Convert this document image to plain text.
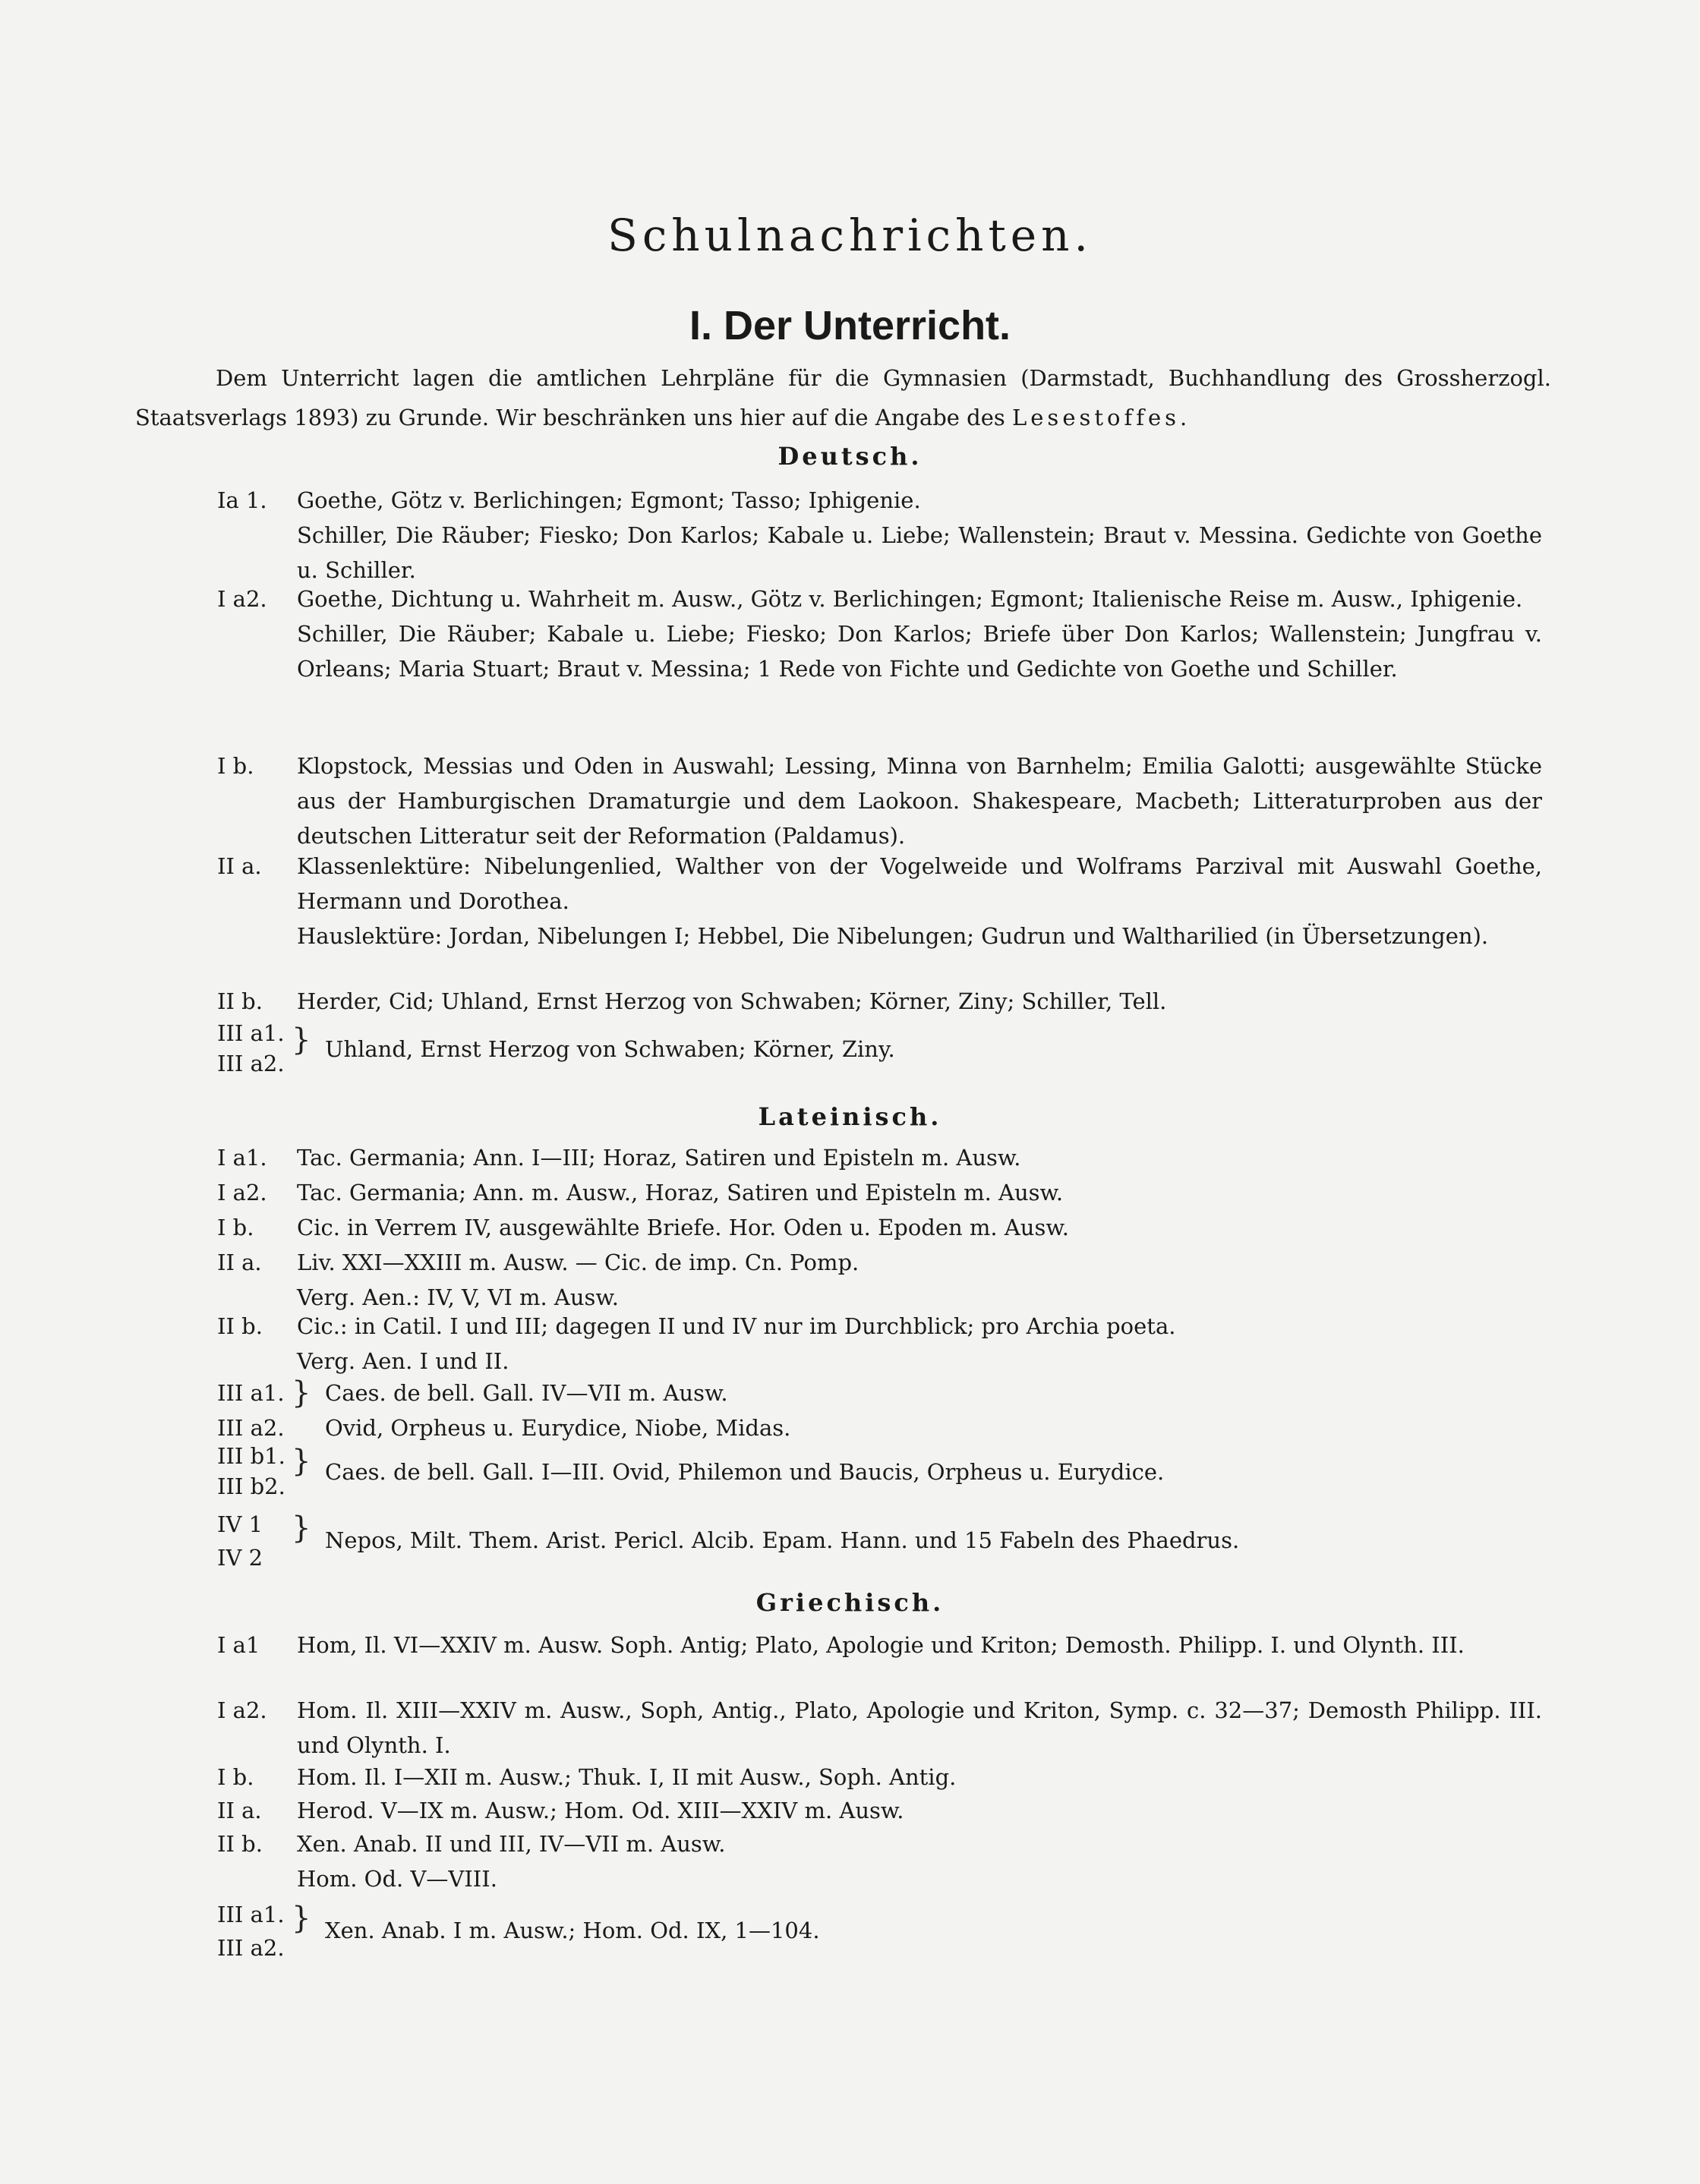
Schulnachrichten.
I. Der Unterricht.
Dem Unterricht lagen die amtlichen Lehrpläne für die Gymnasien (Darmstadt, Buchhandlung des Grossherzogl. Staatsverlags 1893) zu Grunde. Wir beschränken uns hier auf die Angabe des Lesestoffes.
Deutsch.
Ia 1. Goethe, Götz v. Berlichingen; Egmont; Tasso; Iphigenie.
Schiller, Die Räuber; Fiesko; Don Karlos; Kabale u. Liebe; Wallenstein; Braut v. Messina. Gedichte von Goethe u. Schiller.
I a2. Goethe, Dichtung u. Wahrheit m. Ausw., Götz v. Berlichingen; Egmont; Italienische Reise m. Ausw., Iphigenie.
Schiller, Die Räuber; Kabale u. Liebe; Fiesko; Don Karlos; Briefe über Don Karlos; Wallenstein; Jungfrau v. Orleans; Maria Stuart; Braut v. Messina; 1 Rede von Fichte und Gedichte von Goethe und Schiller.
I b. Klopstock, Messias und Oden in Auswahl; Lessing, Minna von Barnhelm; Emilia Galotti; ausgewählte Stücke aus der Hamburgischen Dramaturgie und dem Laokoon. Shakespeare, Macbeth; Litteraturproben aus der deutschen Litteratur seit der Reformation (Paldamus).
II a. Klassenlektüre: Nibelungenlied, Walther von der Vogelweide und Wolframs Parzival mit Auswahl Goethe, Hermann und Dorothea.
Hauslektüre: Jordan, Nibelungen I; Hebbel, Die Nibelungen; Gudrun und Waltharilied (in Übersetzungen).
II b. Herder, Cid; Uhland, Ernst Herzog von Schwaben; Körner, Ziny; Schiller, Tell.
III a1.
III a2.
} Uhland, Ernst Herzog von Schwaben; Körner, Ziny.
Lateinisch.
I a1. Tac. Germania; Ann. I—III; Horaz, Satiren und Episteln m. Ausw.
I a2. Tac. Germania; Ann. m. Ausw., Horaz, Satiren und Episteln m. Ausw.
I b. Cic. in Verrem IV, ausgewählte Briefe. Hor. Oden u. Epoden m. Ausw.
II a. Liv. XXI—XXIII m. Ausw. — Cic. de imp. Cn. Pomp.
Verg. Aen.: IV, V, VI m. Ausw.
II b. Cic.: in Catil. I und III; dagegen II und IV nur im Durchblick; pro Archia poeta.
Verg. Aen. I und II.
III a1.
III a2.
} Caes. de bell. Gall. IV—VII m. Ausw.
Ovid, Orpheus u. Eurydice, Niobe, Midas.
III b1.
III b2.
} Caes. de bell. Gall. I—III. Ovid, Philemon und Baucis, Orpheus u. Eurydice.
IV 1
IV 2
} Nepos, Milt. Them. Arist. Pericl. Alcib. Epam. Hann. und 15 Fabeln des Phaedrus.
Griechisch.
I a1 Hom, Il. VI—XXIV m. Ausw. Soph. Antig; Plato, Apologie und Kriton; Demosth. Philipp. I. und Olynth. III.
I a2. Hom. Il. XIII—XXIV m. Ausw., Soph, Antig., Plato, Apologie und Kriton, Symp. c. 32—37; Demosth Philipp. III. und Olynth. I.
I b. Hom. Il. I—XII m. Ausw.; Thuk. I, II mit Ausw., Soph. Antig.
II a. Herod. V—IX m. Ausw.; Hom. Od. XIII—XXIV m. Ausw.
II b. Xen. Anab. II und III, IV—VII m. Ausw.
Hom. Od. V—VIII.
III a1.
III a2.
} Xen. Anab. I m. Ausw.; Hom. Od. IX, 1—104.
